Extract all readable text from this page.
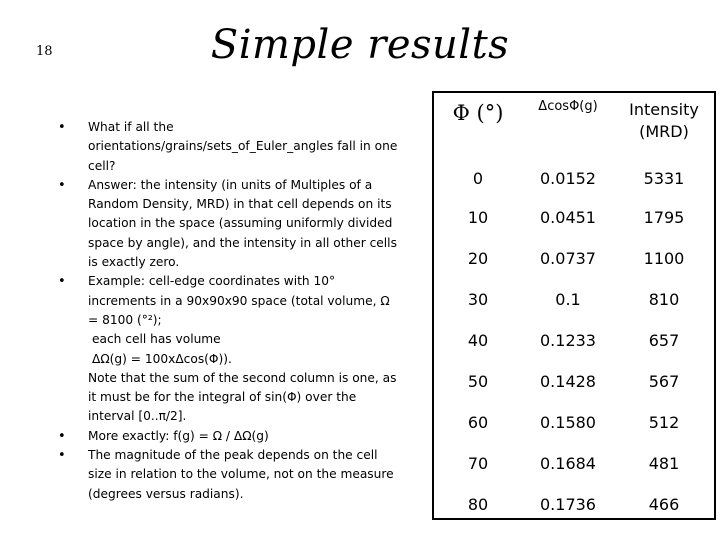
18	Simple results
• What if all the orientations/grains/sets_of_Euler_angles fall in one cell?
• Answer: the intensity (in units of Multiples of a Random Density, MRD) in that cell depends on its location in the space (assuming uniformly divided space by angle), and the intensity in all other cells is exactly zero.
• Example: cell-edge coordinates with 10° increments in a 90x90x90 space (total volume, Ω = 8100 (°²);
each cell has volume
ΔΩ(g) = 100xΔcos(Φ)).
Note that the sum of the second column is one, as it must be for the integral of sin(Φ) over the interval [0..π/2].
• More exactly: f(g) = Ω / ΔΩ(g)
• The magnitude of the peak depends on the cell size in relation to the volume, not on the measure (degrees versus radians).
Φ (°)	ΔcosΦ(g)	Intensity (MRD)
0	0.0152	5331
10	0.0451	1795
20	0.0737	1100
30	0.1	810
40	0.1233	657
50	0.1428	567
60	0.1580	512
70	0.1684	481
80	0.1736	466
